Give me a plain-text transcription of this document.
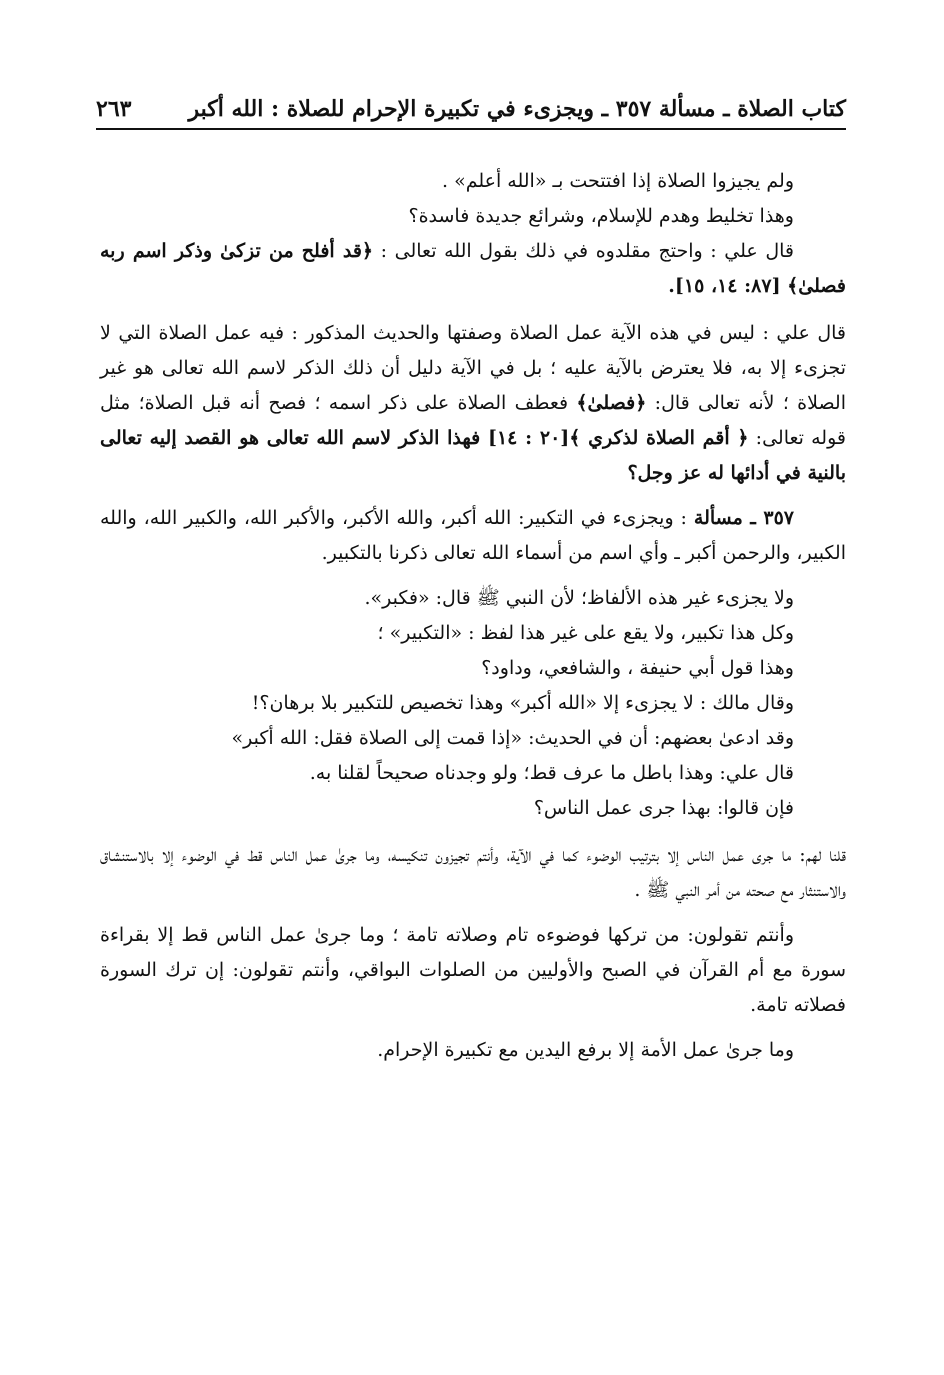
كتاب الصلاة ـ مسألة ٣٥٧ ـ ويجزىء في تكبيرة الإحرام للصلاة : الله أكبر
٢٦٣

ولم يجيزوا الصلاة إذا افتتحت بـ «الله أعلم» .

وهذا تخليط وهدم للإسلام، وشرائع جديدة فاسدة؟

قال علي : واحتج مقلدوه في ذلك بقول الله تعالى : ﴿قد أفلح من تزكىٰ وذكر اسم ربه فصلىٰ﴾ [٨٧: ١٤، ١٥].

قال علي : ليس في هذه الآية عمل الصلاة وصفتها والحديث المذكور : فيه عمل الصلاة التي لا تجزىء إلا به، فلا يعترض بالآية عليه ؛ بل في الآية دليل أن ذلك الذكر لاسم الله تعالى هو غير الصلاة ؛ لأنه تعالى قال: ﴿فصلىٰ﴾ فعطف الصلاة على ذكر اسمه ؛ فصح أنه قبل الصلاة؛ مثل قوله تعالى: ﴿ أقم الصلاة لذكري ﴾[٢٠ : ١٤] فهذا الذكر لاسم الله تعالى هو القصد إليه تعالى بالنية في أدائها له عز وجل؟

٣٥٧ ـ مسألة : ويجزىء في التكبير: الله أكبر، والله الأكبر، والأكبر الله، والكبير الله، والله الكبير، والرحمن أكبر ـ وأي اسم من أسماء الله تعالى ذكرنا بالتكبير.

ولا يجزىء غير هذه الألفاظ؛ لأن النبي ﷺ قال: «فكبر».

وكل هذا تكبير، ولا يقع على غير هذا لفظ : «التكبير» ؛

وهذا قول أبي حنيفة ، والشافعي، وداود؟

وقال مالك : لا يجزىء إلا «الله أكبر» وهذا تخصيص للتكبير بلا برهان؟!

وقد ادعىٰ بعضهم: أن في الحديث: «إذا قمت إلى الصلاة فقل: الله أكبر»

قال علي: وهذا باطل ما عرف قط؛ ولو وجدناه صحيحاً لقلنا به.

فإن قالوا: بهذا جرى عمل الناس؟

قلنا لهم: ما جرى عمل الناس إلا بترتيب الوضوء كما في الآية، وأنتم تجيزون تنكيسه، وما جرىٰ عمل الناس قط في الوضوء إلا بالاستنشاق والاستنثار مع صحته من أمر النبي ﷺ .

وأنتم تقولون: من تركها فوضوءه تام وصلاته تامة ؛ وما جرىٰ عمل الناس قط إلا بقراءة سورة مع أم القرآن في الصبح والأوليين من الصلوات البواقي، وأنتم تقولون: إن ترك السورة فصلاته تامة.

وما جرىٰ عمل الأمة إلا برفع اليدين مع تكبيرة الإحرام.
